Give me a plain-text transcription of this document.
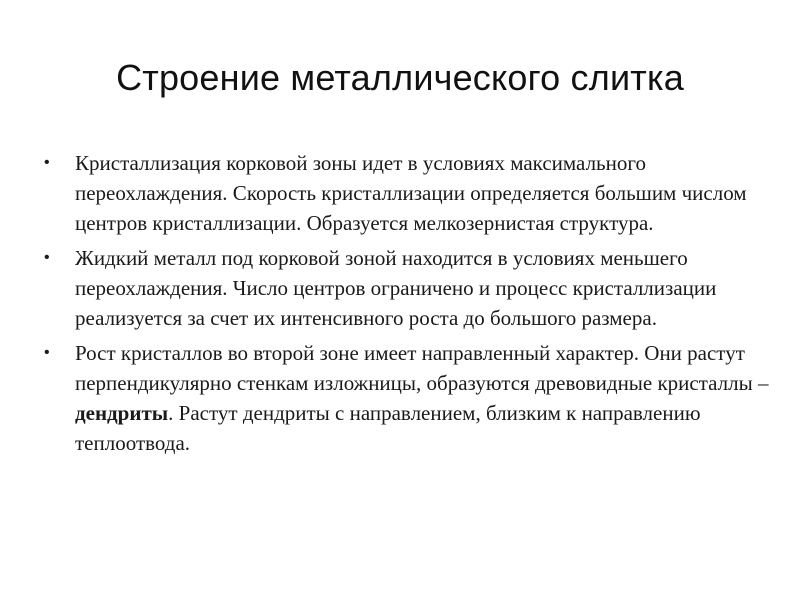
Строение металлического слитка
• Кристаллизация корковой зоны идет в условиях максимального переохлаждения. Скорость кристаллизации определяется большим числом центров кристаллизации. Образуется мелкозернистая структура.
• Жидкий металл под корковой зоной находится в условиях меньшего переохлаждения. Число центров ограничено и процесс кристаллизации реализуется за счет их интенсивного роста до большого размера.
• Рост кристаллов во второй зоне имеет направленный характер. Они растут перпендикулярно стенкам изложницы, образуются древовидные кристаллы – дендриты. Растут дендриты с направлением, близким к направлению теплоотвода.
